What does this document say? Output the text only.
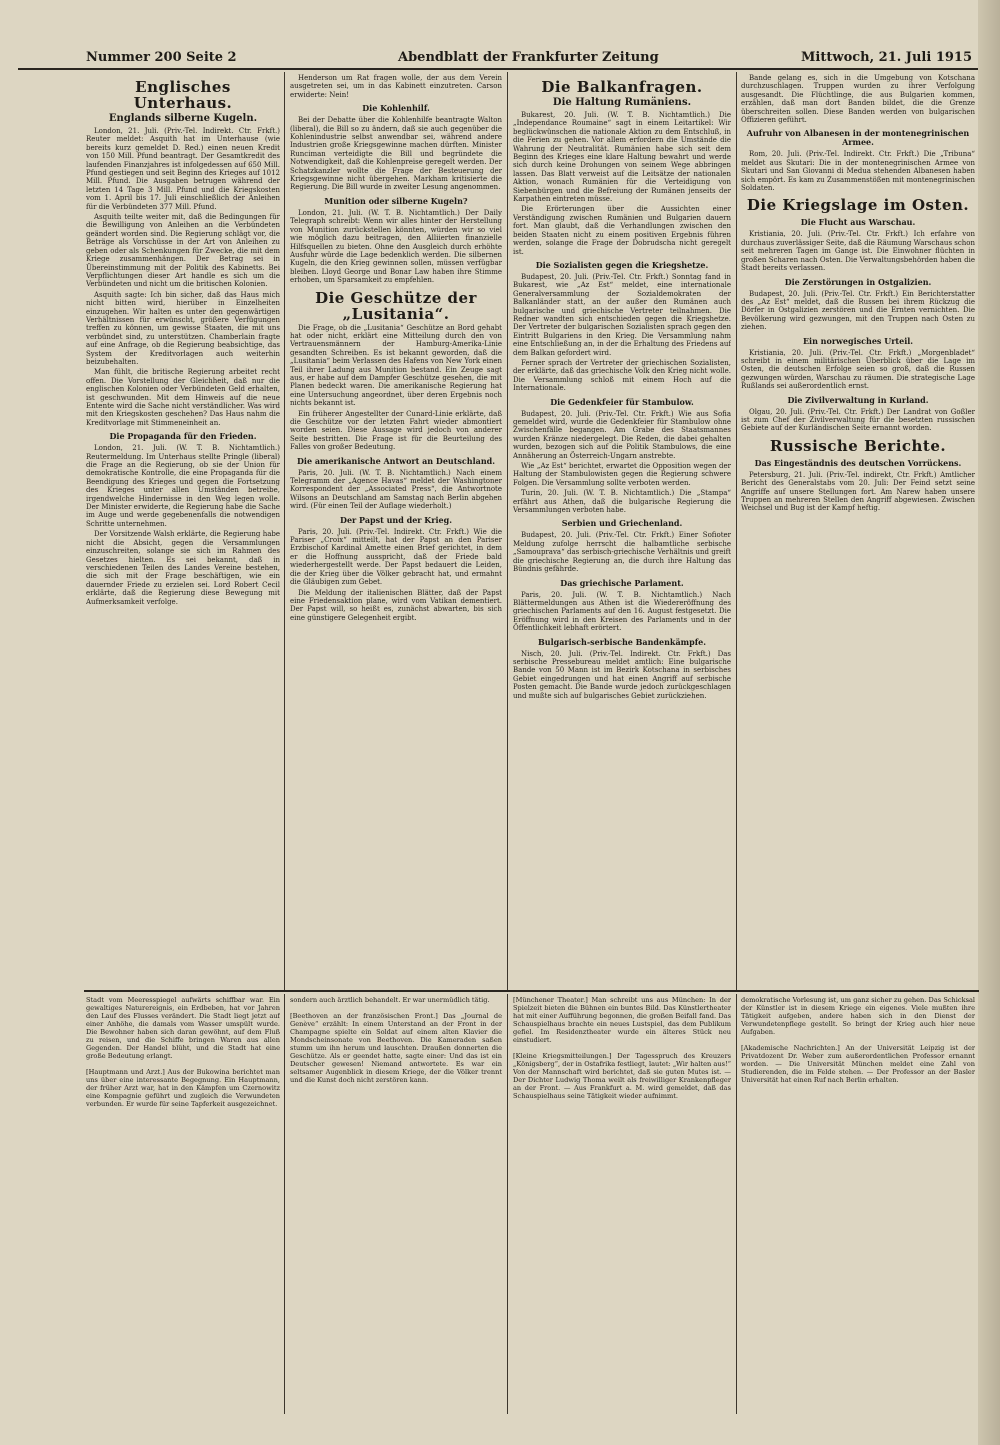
Nummer 200 Seite 2	Abendblatt der Frankfurter Zeitung	Mittwoch, 21. Juli 1915
Englisches Unterhaus.
Englands silberne Kugeln.

London, 21. Juli. (Priv.-Tel. Indirekt. Ctr. Frkft.) Reuter meldet: Asquith hat im Unterhause (wie bereits kurz gemeldet D. Red.) einen neuen Kredit von 150 Mill. Pfund beantragt. Der Gesamtkredit des laufenden Finanzjahres ist infolgedessen auf 650 Mill. Pfund gestiegen und seit Beginn des Krieges auf 1012 Mill. Pfund. Die Ausgaben betrugen während der letzten 14 Tage 3 Mill. Pfund und die Kriegskosten vom 1. April bis 17. Juli einschließlich der Anleihen für die Verbündeten 377 Mill. Pfund.

Asquith teilte weiter mit, daß die Bedingungen für die Bewilligung von Anleihen an die Verbündeten geändert worden sind. Die Regierung schlägt vor, die Beträge als Vorschüsse in der Art von Anleihen zu geben oder als Schenkungen für Zwecke, die mit dem Kriege zusammenhängen. Der Betrag sei in Übereinstimmung mit der Politik des Kabinetts. Bei Verpflichtungen dieser Art handle es sich um die Verbündeten und nicht um die britischen Kolonien.

Asquith sagte: Ich bin sicher, daß das Haus mich nicht bitten wird, hierüber in Einzelheiten einzugehen. Wir halten es unter den gegenwärtigen Verhältnissen für erwünscht, größere Verfügungen treffen zu können, um gewisse Staaten, die mit uns verbündet sind, zu unterstützen. Chamberlain fragte auf eine Anfrage, ob die Regierung beabsichtige, das System der Kreditvorlagen auch weiterhin beizubehalten.

Man fühlt, die britische Regierung arbeitet recht offen. Die Vorstellung der Gleichheit, daß nur die englischen Kolonien oder Verbündeten Geld erhalten, ist geschwunden. Mit dem Hinweis auf die neue Entente wird die Sache nicht verständlicher. Was wird mit den Kriegskosten geschehen? Das Haus nahm die Kreditvorlage mit Stimmeneinheit an.

Die Propaganda für den Frieden.

London, 21. Juli. (W. T. B. Nichtamtlich.) Reutermeldung. Im Unterhaus stellte Pringle (liberal) die Frage an die Regierung, ob sie der Union für demokratische Kontrolle, die eine Propaganda für die Beendigung des Krieges und gegen die Fortsetzung des Krieges unter allen Umständen betreibe, irgendwelche Hindernisse in den Weg legen wolle. Der Minister erwiderte, die Regierung habe die Sache im Auge und werde gegebenenfalls die notwendigen Schritte unternehmen.

Der Vorsitzende Walsh erklärte, die Regierung habe nicht die Absicht, gegen die Versammlungen einzuschreiten, solange sie sich im Rahmen des Gesetzes hielten. Es sei bekannt, daß in verschiedenen Teilen des Landes Vereine bestehen, die sich mit der Frage beschäftigen, wie ein dauernder Friede zu erzielen sei. Lord Robert Cecil erklärte, daß die Regierung diese Bewegung mit Aufmerksamkeit verfolge.

Henderson um Rat fragen wolle, der aus dem Verein ausgetreten sei, um in das Kabinett einzutreten. Carson erwiderte: Nein!

Die Kohlenhilf.

Bei der Debatte über die Kohlenhilfe beantragte Walton (liberal), die Bill so zu ändern, daß sie auch gegenüber die Kohlenindustrie selbst anwendbar sei, während andere Industrien große Kriegsgewinne machen dürften. Minister Runciman verteidigte die Bill und begründete die Notwendigkeit, daß die Kohlenpreise geregelt werden. Der Schatzkanzler wollte die Frage der Besteuerung der Kriegsgewinne nicht übergehen. Markham kritisierte die Regierung. Die Bill wurde in zweiter Lesung angenommen.

Munition oder silberne Kugeln?

London, 21. Juli. (W. T. B. Nichtamtlich.) Der Daily Telegraph schreibt: Wenn wir alles hinter der Herstellung von Munition zurückstellen könnten, würden wir so viel wie möglich dazu beitragen, den Alliierten finanzielle Hilfsquellen zu bieten. Ohne den Ausgleich durch erhöhte Ausfuhr würde die Lage bedenklich werden. Die silbernen Kugeln, die den Krieg gewinnen sollen, müssen verfügbar bleiben. Lloyd George und Bonar Law haben ihre Stimme erhoben, um Sparsamkeit zu empfehlen.

Die Geschütze der „Lusitania“.

Die Frage, ob die „Lusitania“ Geschütze an Bord gehabt hat oder nicht, erklärt eine Mitteilung durch den von Vertrauensmännern der Hamburg-Amerika-Linie gesandten Schreiben. Es ist bekannt geworden, daß die „Lusitania“ beim Verlassen des Hafens von New York einen Teil ihrer Ladung aus Munition bestand. Ein Zeuge sagt aus, er habe auf dem Dampfer Geschütze gesehen, die mit Planen bedeckt waren. Die amerikanische Regierung hat eine Untersuchung angeordnet, über deren Ergebnis noch nichts bekannt ist.

Ein früherer Angestellter der Cunard-Linie erklärte, daß die Geschütze vor der letzten Fahrt wieder abmontiert worden seien. Diese Aussage wird jedoch von anderer Seite bestritten. Die Frage ist für die Beurteilung des Falles von großer Bedeutung.

Die amerikanische Antwort an Deutschland.

Paris, 20. Juli. (W. T. B. Nichtamtlich.) Nach einem Telegramm der „Agence Havas“ meldet der Washingtoner Korrespondent der „Associated Press“, die Antwortnote Wilsons an Deutschland am Samstag nach Berlin abgehen wird. (Für einen Teil der Auflage wiederholt.)

Der Papst und der Krieg.

Paris, 20. Juli. (Priv.-Tel. Indirekt. Ctr. Frkft.) Wie die Pariser „Croix“ mitteilt, hat der Papst an den Pariser Erzbischof Kardinal Amette einen Brief gerichtet, in dem er die Hoffnung ausspricht, daß der Friede bald wiederhergestellt werde. Der Papst bedauert die Leiden, die der Krieg über die Völker gebracht hat, und ermahnt die Gläubigen zum Gebet.

Die Meldung der italienischen Blätter, daß der Papst eine Friedensaktion plane, wird vom Vatikan dementiert. Der Papst will, so heißt es, zunächst abwarten, bis sich eine günstigere Gelegenheit ergibt.

Die Balkanfragen.
Die Haltung Rumäniens.

Bukarest, 20. Juli. (W. T. B. Nichtamtlich.) Die „Independance Roumaine“ sagt in einem Leitartikel: Wir beglückwünschen die nationale Aktion zu dem Entschluß, in die Ferien zu gehen. Vor allem erfordern die Umstände die Wahrung der Neutralität. Rumänien habe sich seit dem Beginn des Krieges eine klare Haltung bewahrt und werde sich durch keine Drohungen von seinem Wege abbringen lassen. Das Blatt verweist auf die Leitsätze der nationalen Aktion, wonach Rumänien für die Verteidigung von Siebenbürgen und die Befreiung der Rumänen jenseits der Karpathen eintreten müsse.

Die Erörterungen über die Aussichten einer Verständigung zwischen Rumänien und Bulgarien dauern fort. Man glaubt, daß die Verhandlungen zwischen den beiden Staaten nicht zu einem positiven Ergebnis führen werden, solange die Frage der Dobrudscha nicht geregelt ist.

Die Sozialisten gegen die Kriegshetze.

Budapest, 20. Juli. (Priv.-Tel. Ctr. Frkft.) Sonntag fand in Bukarest, wie „Az Est“ meldet, eine internationale Generalversammlung der Sozialdemokraten der Balkanländer statt, an der außer den Rumänen auch bulgarische und griechische Vertreter teilnahmen. Die Redner wandten sich entschieden gegen die Kriegshetze. Der Vertreter der bulgarischen Sozialisten sprach gegen den Eintritt Bulgariens in den Krieg. Die Versammlung nahm eine Entschließung an, in der die Erhaltung des Friedens auf dem Balkan gefordert wird.

Ferner sprach der Vertreter der griechischen Sozialisten, der erklärte, daß das griechische Volk den Krieg nicht wolle. Die Versammlung schloß mit einem Hoch auf die Internationale.

Die Gedenkfeier für Stambulow.

Budapest, 20. Juli. (Priv.-Tel. Ctr. Frkft.) Wie aus Sofia gemeldet wird, wurde die Gedenkfeier für Stambulow ohne Zwischenfälle begangen. Am Grabe des Staatsmannes wurden Kränze niedergelegt. Die Reden, die dabei gehalten wurden, bezogen sich auf die Politik Stambulows, die eine Annäherung an Österreich-Ungarn anstrebte.

Wie „Az Est“ berichtet, erwartet die Opposition wegen der Haltung der Stambulowisten gegen die Regierung schwere Folgen. Die Versammlung sollte verboten werden.

Turin, 20. Juli. (W. T. B. Nichtamtlich.) Die „Stampa“ erfährt aus Athen, daß die bulgarische Regierung die Versammlungen verboten habe.

Serbien und Griechenland.

Budapest, 20. Juli. (Priv.-Tel. Ctr. Frkft.) Einer Sofioter Meldung zufolge herrscht die halbamtliche serbische „Samouprava“ das serbisch-griechische Verhältnis und greift die griechische Regierung an, die durch ihre Haltung das Bündnis gefährde.

Das griechische Parlament.

Paris, 20. Juli. (W. T. B. Nichtamtlich.) Nach Blättermeldungen aus Athen ist die Wiedereröffnung des griechischen Parlaments auf den 16. August festgesetzt. Die Eröffnung wird in den Kreisen des Parlaments und in der Öffentlichkeit lebhaft erörtert.

Bulgarisch-serbische Bandenkämpfe.

Nisch, 20. Juli. (Priv.-Tel. Indirekt. Ctr. Frkft.) Das serbische Pressebureau meldet amtlich: Eine bulgarische Bande von 50 Mann ist im Bezirk Kotschana in serbisches Gebiet eingedrungen und hat einen Angriff auf serbische Posten gemacht. Die Bande wurde jedoch zurückgeschlagen und mußte sich auf bulgarisches Gebiet zurückziehen.

Bande gelang es, sich in die Umgebung von Kotschana durchzuschlagen. Truppen wurden zu ihrer Verfolgung ausgesandt. Die Flüchtlinge, die aus Bulgarien kommen, erzählen, daß man dort Banden bildet, die die Grenze überschreiten sollen. Diese Banden werden von bulgarischen Offizieren geführt.

Aufruhr von Albanesen in der montenegrinischen Armee.

Rom, 20. Juli. (Priv.-Tel. Indirekt. Ctr. Frkft.) Die „Tribuna“ meldet aus Skutari: Die in der montenegrinischen Armee von Skutari und San Giovanni di Medua stehenden Albanesen haben sich empört. Es kam zu Zusammenstößen mit montenegrinischen Soldaten.

Die Kriegslage im Osten.
Die Flucht aus Warschau.

Kristiania, 20. Juli. (Priv.-Tel. Ctr. Frkft.) Ich erfahre von durchaus zuverlässiger Seite, daß die Räumung Warschaus schon seit mehreren Tagen im Gange ist. Die Einwohner flüchten in großen Scharen nach Osten. Die Verwaltungsbehörden haben die Stadt bereits verlassen.

Die Zerstörungen in Ostgalizien.

Budapest, 20. Juli. (Priv.-Tel. Ctr. Frkft.) Ein Berichterstatter des „Az Est“ meldet, daß die Russen bei ihrem Rückzug die Dörfer in Ostgalizien zerstören und die Ernten vernichten. Die Bevölkerung wird gezwungen, mit den Truppen nach Osten zu ziehen.

Ein norwegisches Urteil.

Kristiania, 20. Juli. (Priv.-Tel. Ctr. Frkft.) „Morgenbladet“ schreibt in einem militärischen Überblick über die Lage im Osten, die deutschen Erfolge seien so groß, daß die Russen gezwungen würden, Warschau zu räumen. Die strategische Lage Rußlands sei außerordentlich ernst.

Die Zivilverwaltung in Kurland.

Olgau, 20. Juli. (Priv.-Tel. Ctr. Frkft.) Der Landrat von Goßler ist zum Chef der Zivilverwaltung für die besetzten russischen Gebiete auf der Kurländischen Seite ernannt worden.

Russische Berichte.
Das Eingeständnis des deutschen Vorrückens.

Petersburg, 21. Juli. (Priv.-Tel. indirekt, Ctr. Frkft.) Amtlicher Bericht des Generalstabs vom 20. Juli: Der Feind setzt seine Angriffe auf unsere Stellungen fort. Am Narew haben unsere Truppen an mehreren Stellen den Angriff abgewiesen. Zwischen Weichsel und Bug ist der Kampf heftig.

Stadt vom Meeresspiegel aufwärts schiffbar war. Ein gewaltiges Naturereignis, ein Erdbeben, hat vor Jahren den Lauf des Flusses verändert. Die Stadt liegt jetzt auf einer Anhöhe, die damals vom Wasser umspült wurde. Die Bewohner haben sich daran gewöhnt, auf dem Fluß zu reisen, und die Schiffe bringen Waren aus allen Gegenden. Der Handel blüht, und die Stadt hat eine große Bedeutung erlangt.

[Hauptmann und Arzt.] Aus der Bukowina berichtet man uns über eine interessante Begegnung. Ein Hauptmann, der früher Arzt war, hat in den Kämpfen um Czernowitz eine Kompagnie geführt und zugleich die Verwundeten verbunden. Er wurde für seine Tapferkeit ausgezeichnet.
sondern auch ärztlich behandelt. Er war unermüdlich tätig.

[Beethoven an der französischen Front.] Das „Journal de Genève“ erzählt: In einem Unterstand an der Front in der Champagne spielte ein Soldat auf einem alten Klavier die Mondscheinsonate von Beethoven. Die Kameraden saßen stumm um ihn herum und lauschten. Draußen donnerten die Geschütze. Als er geendet hatte, sagte einer: Und das ist ein Deutscher gewesen! Niemand antwortete. Es war ein seltsamer Augenblick in diesem Kriege, der die Völker trennt und die Kunst doch nicht zerstören kann.
[Münchener Theater.] Man schreibt uns aus München: In der Spielzeit bieten die Bühnen ein buntes Bild. Das Künstlertheater hat mit einer Aufführung begonnen, die großen Beifall fand. Das Schauspielhaus brachte ein neues Lustspiel, das dem Publikum gefiel. Im Residenztheater wurde ein älteres Stück neu einstudiert.

[Kleine Kriegsmitteilungen.] Der Tagesspruch des Kreuzers „Königsberg“, der in Ostafrika festliegt, lautet: „Wir halten aus!“ Von der Mannschaft wird berichtet, daß sie guten Mutes ist. — Der Dichter Ludwig Thoma weilt als freiwilliger Krankenpfleger an der Front. — Aus Frankfurt a. M. wird gemeldet, daß das Schauspielhaus seine Tätigkeit wieder aufnimmt.
demokratische Vorlesung ist, um ganz sicher zu gehen. Das Schicksal der Künstler ist in diesem Kriege ein eigenes. Viele mußten ihre Tätigkeit aufgeben, andere haben sich in den Dienst der Verwundetenpflege gestellt. So bringt der Krieg auch hier neue Aufgaben.

[Akademische Nachrichten.] An der Universität Leipzig ist der Privatdozent Dr. Weber zum außerordentlichen Professor ernannt worden. — Die Universität München meldet eine Zahl von Studierenden, die im Felde stehen. — Der Professor an der Basler Universität hat einen Ruf nach Berlin erhalten.
